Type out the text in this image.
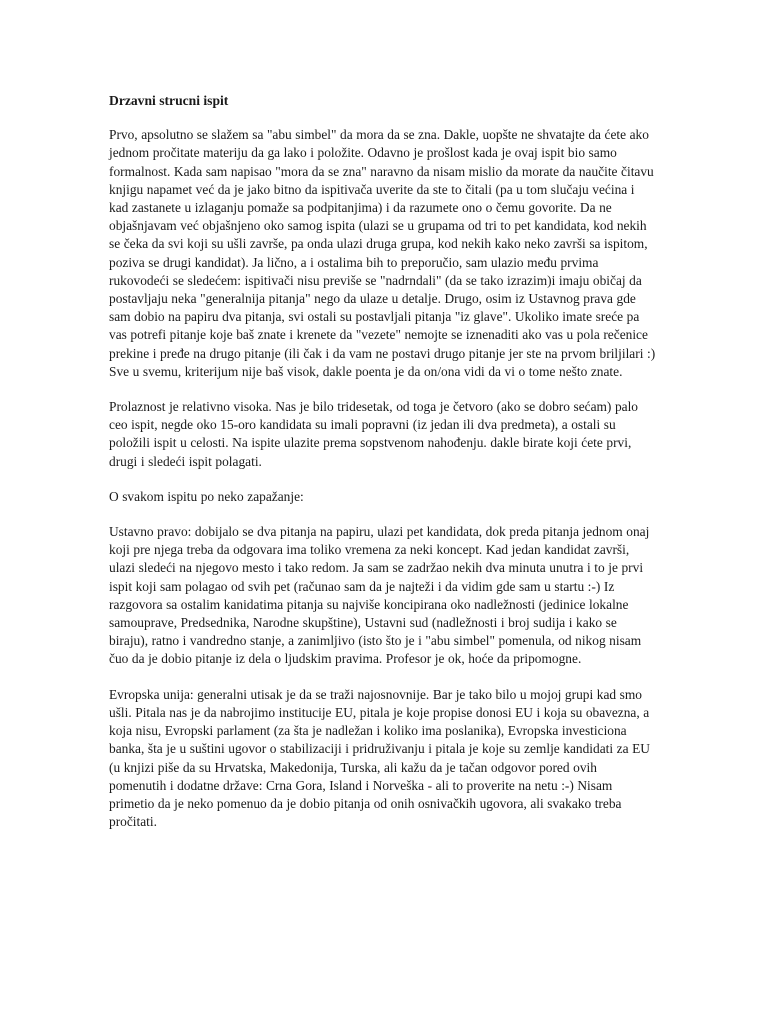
Drzavni strucni ispit

Prvo, apsolutno se slažem sa "abu simbel" da mora da se zna. Dakle, uopšte ne shvatajte da ćete ako jednom pročitate materiju da ga lako i položite. Odavno je prošlost kada je ovaj ispit bio samo formalnost. Kada sam napisao "mora da se zna" naravno da nisam mislio da morate da naučite čitavu knjigu napamet već da je jako bitno da ispitivača uverite da ste to čitali (pa u tom slučaju većina i kad zastanete u izlaganju pomaže sa podpitanjima) i da razumete ono o čemu govorite. Da ne objašnjavam već objašnjeno oko samog ispita (ulazi se u grupama od tri to pet kandidata, kod nekih se čeka da svi koji su ušli završe, pa onda ulazi druga grupa, kod nekih kako neko završi sa ispitom, poziva se drugi kandidat). Ja lično, a i ostalima bih to preporučio, sam ulazio među prvima rukovodeći se sledećem: ispitivači nisu previše se "nadrndali" (da se tako izrazim)i imaju običaj da postavljaju neka "generalnija pitanja" nego da ulaze u detalje. Drugo, osim iz Ustavnog prava gde sam dobio na papiru dva pitanja, svi ostali su postavljali pitanja "iz glave". Ukoliko imate sreće pa vas potrefi pitanje koje baš znate i krenete da "vezete" nemojte se iznenaditi ako vas u pola rečenice prekine i pređe na drugo pitanje (ili čak i da vam ne postavi drugo pitanje jer ste na prvom briljilari :) Sve u svemu, kriterijum nije baš visok, dakle poenta je da on/ona vidi da vi o tome nešto znate.

Prolaznost je relativno visoka. Nas je bilo tridesetak, od toga je četvoro (ako se dobro sećam) palo ceo ispit, negde oko 15-oro kandidata su imali popravni (iz jedan ili dva predmeta), a ostali su položili ispit u celosti. Na ispite ulazite prema sopstvenom nahođenju. dakle birate koji ćete prvi, drugi i sledeći ispit polagati.

O svakom ispitu po neko zapažanje:

Ustavno pravo: dobijalo se dva pitanja na papiru, ulazi pet kandidata, dok preda pitanja jednom onaj koji pre njega treba da odgovara ima toliko vremena za neki koncept. Kad jedan kandidat završi, ulazi sledeći na njegovo mesto i tako redom. Ja sam se zadržao nekih dva minuta unutra i to je prvi ispit koji sam polagao od svih pet (računao sam da je najteži i da vidim gde sam u startu :-) Iz razgovora sa ostalim kanidatima pitanja su najviše koncipirana oko nadležnosti (jedinice lokalne samouprave, Predsednika, Narodne skupštine), Ustavni sud (nadležnosti i broj sudija i kako se biraju), ratno i vandredno stanje, a zanimljivo (isto što je i "abu simbel" pomenula, od nikog nisam čuo da je dobio pitanje iz dela o ljudskim pravima. Profesor je ok, hoće da pripomogne.

Evropska unija: generalni utisak je da se traži najosnovnije. Bar je tako bilo u mojoj grupi kad smo ušli. Pitala nas je da nabrojimo institucije EU, pitala je koje propise donosi EU i koja su obavezna, a koja nisu, Evropski parlament (za šta je nadležan i koliko ima poslanika), Evropska investiciona banka, šta je u suštini ugovor o stabilizaciji i pridruživanju i pitala je koje su zemlje kandidati za EU (u knjizi piše da su Hrvatska, Makedonija, Turska, ali kažu da je tačan odgovor pored ovih pomenutih i dodatne države: Crna Gora, Island i Norveška - ali to proverite na netu :-) Nisam primetio da je neko pomenuo da je dobio pitanja od onih osnivačkih ugovora, ali svakako treba pročitati.
